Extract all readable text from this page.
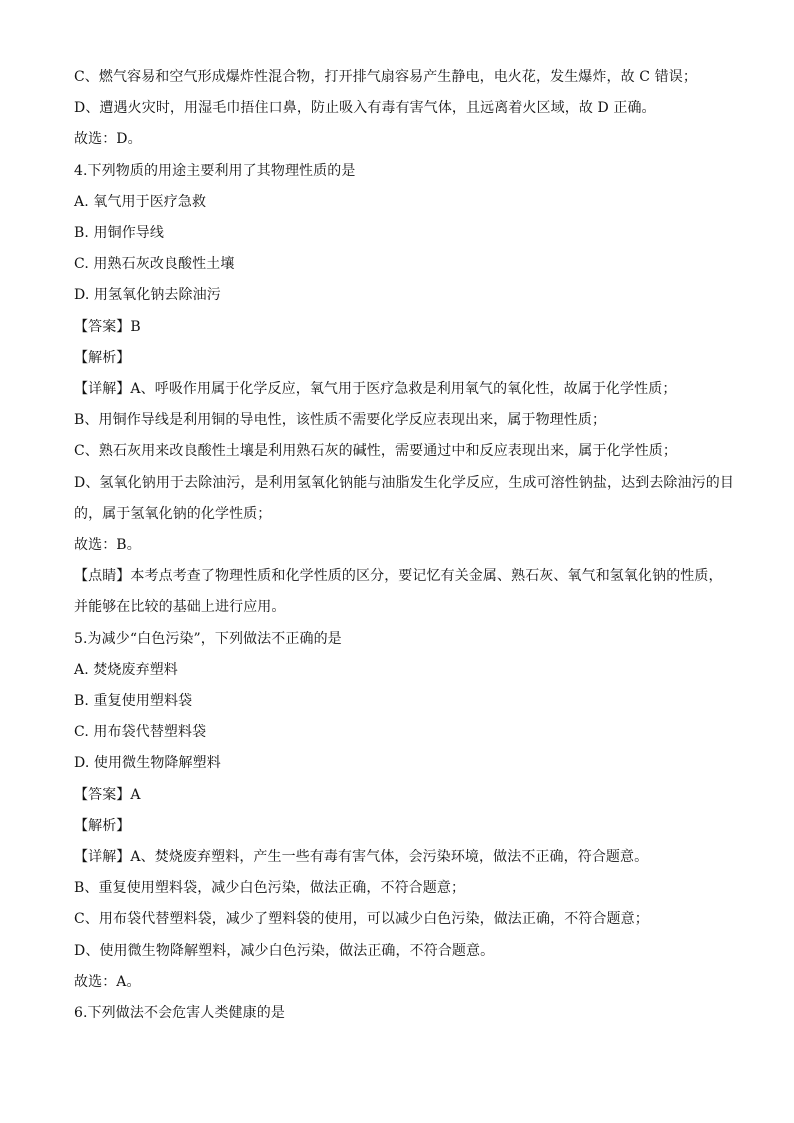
C、燃气容易和空气形成爆炸性混合物，打开排气扇容易产生静电，电火花，发生爆炸，故 C 错误；
D、遭遇火灾时，用湿毛巾捂住口鼻，防止吸入有毒有害气体，且远离着火区域，故 D 正确。
故选：D。
4.下列物质的用途主要利用了其物理性质的是
A. 氧气用于医疗急救
B. 用铜作导线
C. 用熟石灰改良酸性土壤
D. 用氢氧化钠去除油污
【答案】B
【解析】
【详解】A、呼吸作用属于化学反应，氧气用于医疗急救是利用氧气的氧化性，故属于化学性质；
B、用铜作导线是利用铜的导电性，该性质不需要化学反应表现出来，属于物理性质；
C、熟石灰用来改良酸性土壤是利用熟石灰的碱性，需要通过中和反应表现出来，属于化学性质；
D、氢氧化钠用于去除油污，是利用氢氧化钠能与油脂发生化学反应，生成可溶性钠盐，达到去除油污的目
的，属于氢氧化钠的化学性质；
故选：B。
【点睛】本考点考查了物理性质和化学性质的区分，要记忆有关金属、熟石灰、氧气和氢氧化钠的性质，
并能够在比较的基础上进行应用。
5.为减少“白色污染”，下列做法不正确的是
A. 焚烧废弃塑料
B. 重复使用塑料袋
C. 用布袋代替塑料袋
D. 使用微生物降解塑料
【答案】A
【解析】
【详解】A、焚烧废弃塑料，产生一些有毒有害气体，会污染环境，做法不正确，符合题意。
B、重复使用塑料袋，减少白色污染，做法正确，不符合题意；
C、用布袋代替塑料袋，减少了塑料袋的使用，可以减少白色污染，做法正确，不符合题意；
D、使用微生物降解塑料，减少白色污染，做法正确，不符合题意。
故选：A。
6.下列做法不会危害人类健康的是
